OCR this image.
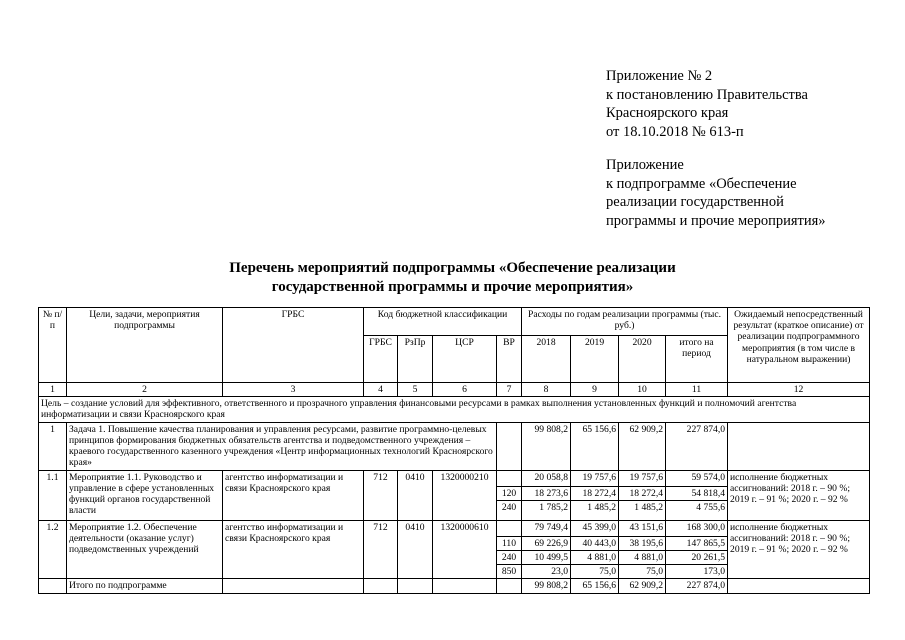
Приложение № 2
к постановлению Правительства
Красноярского края
от 18.10.2018 № 613-п
Приложение
к подпрограмме «Обеспечение
реализации государственной
программы и прочие мероприятия»
Перечень мероприятий подпрограммы «Обеспечение реализации
государственной программы и прочие мероприятия»
№ п/п	Цели, задачи, мероприятия подпрограммы	ГРБС	Код бюджетной классификации				Расходы по годам реализации программы (тыс. руб.)				Ожидаемый непосредственный результат (краткое описание) от реализации подпрограммного мероприятия (в том числе в натуральном выражении)
			ГРБС	РзПр	ЦСР	ВР	2018	2019	2020	итого на период	
1	2	3	4	5	6	7	8	9	10	11	12
Цель – создание условий для эффективного, ответственного и прозрачного управления финансовыми ресурсами в рамках выполнения установленных функций и полномочий агентства информатизации и связи Красноярского края											
1	Задача 1. Повышение качества планирования и управления ресурсами, развитие программно-целевых принципов формирования бюджетных обязательств агентства и подведомственного учреждения – краевого государственного казенного учреждения «Центр информационных технологий Красноярского края»						99 808,2	65 156,6	62 909,2	227 874,0	
1.1	Мероприятие 1.1. Руководство и управление в сфере установленных функций органов государственной власти	агентство информатизации и связи Красноярского края	712	0410	1320000210		20 058,8	19 757,6	19 757,6	59 574,0	исполнение бюджетных ассигнований: 2018 г. – 90 %; 2019 г. – 91 %; 2020 г. – 92 %
						120	18 273,6	18 272,4	18 272,4	54 818,4	
						240	1 785,2	1 485,2	1 485,2	4 755,6	
1.2	Мероприятие 1.2. Обеспечение деятельности (оказание услуг) подведомственных учреждений	агентство информатизации и связи Красноярского края	712	0410	1320000610		79 749,4	45 399,0	43 151,6	168 300,0	исполнение бюджетных ассигнований: 2018 г. – 90 %; 2019 г. – 91 %; 2020 г. – 92 %
						110	69 226,9	40 443,0	38 195,6	147 865,5	
						240	10 499,5	4 881,0	4 881,0	20 261,5	
						850	23,0	75,0	75,0	173,0	
	Итого по подпрограмме						99 808,2	65 156,6	62 909,2	227 874,0	
